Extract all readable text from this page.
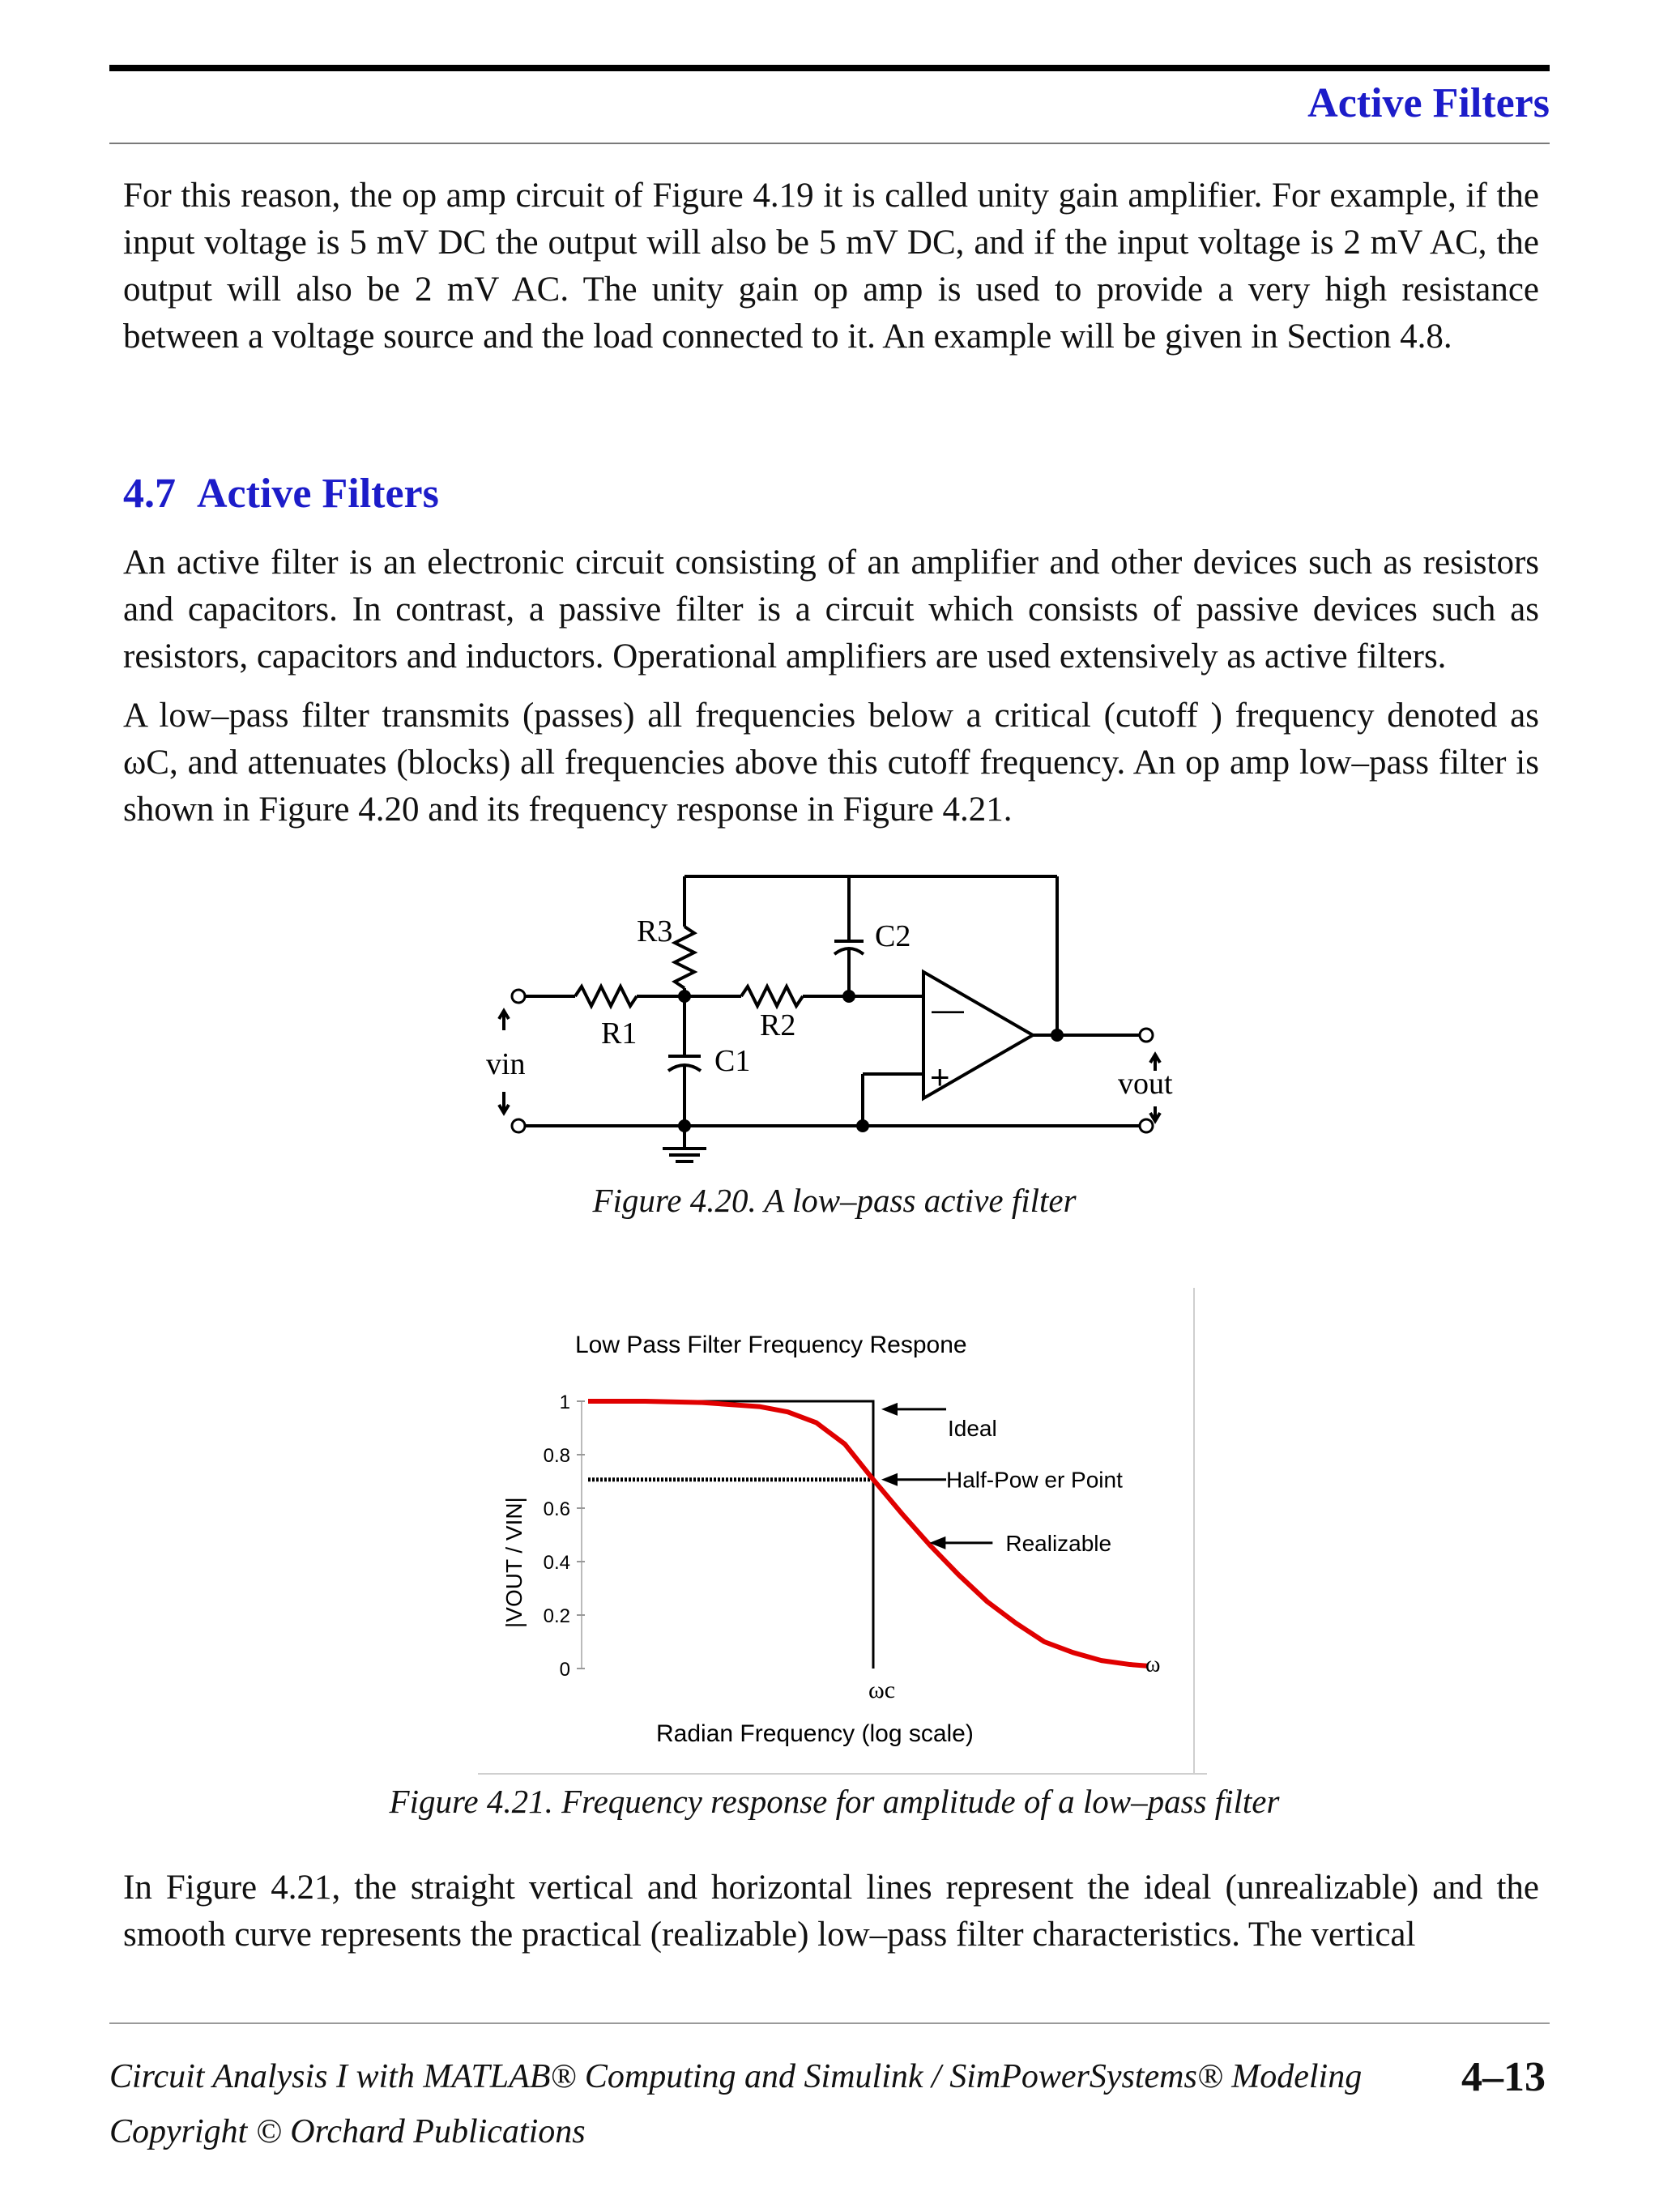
Active Filters
For this reason, the op amp circuit of Figure 4.19 it is called unity gain amplifier. For example, if the input voltage is 5 mV DC the output will also be 5 mV DC, and if the input voltage is 2 mV AC, the output will also be 2 mV AC. The unity gain op amp is used to provide a very high resistance between a voltage source and the load connected to it. An example will be given in Section 4.8.
4.7 Active Filters
An active filter is an electronic circuit consisting of an amplifier and other devices such as resistors and capacitors. In contrast, a passive filter is a circuit which consists of passive devices such as resistors, capacitors and inductors. Operational amplifiers are used extensively as active filters.
A low–pass filter transmits (passes) all frequencies below a critical (cutoff ) frequency denoted as ωC, and attenuates (blocks) all frequencies above this cutoff frequency. An op amp low–pass filter is shown in Figure 4.20 and its frequency response in Figure 4.21.
R1	R2
R3
C1
C2
vin
vout
—
+
Figure 4.20. A low–pass active filter
0
0.2
0.4
0.6
0.8
1
ωc
ω
Ideal
Half-Pow er Point
Realizable
Low Pass Filter Frequency Respone
Radian Frequency (log scale)
|VOUT / VIN|
Figure 4.21. Frequency response for amplitude of a low–pass filter
In Figure 4.21, the straight vertical and horizontal lines represent the ideal (unrealizable) and the smooth curve represents the practical (realizable) low–pass filter characteristics. The vertical
Circuit Analysis I with MATLAB® Computing and Simulink / SimPowerSystems® Modeling
Copyright © Orchard Publications
4–13
